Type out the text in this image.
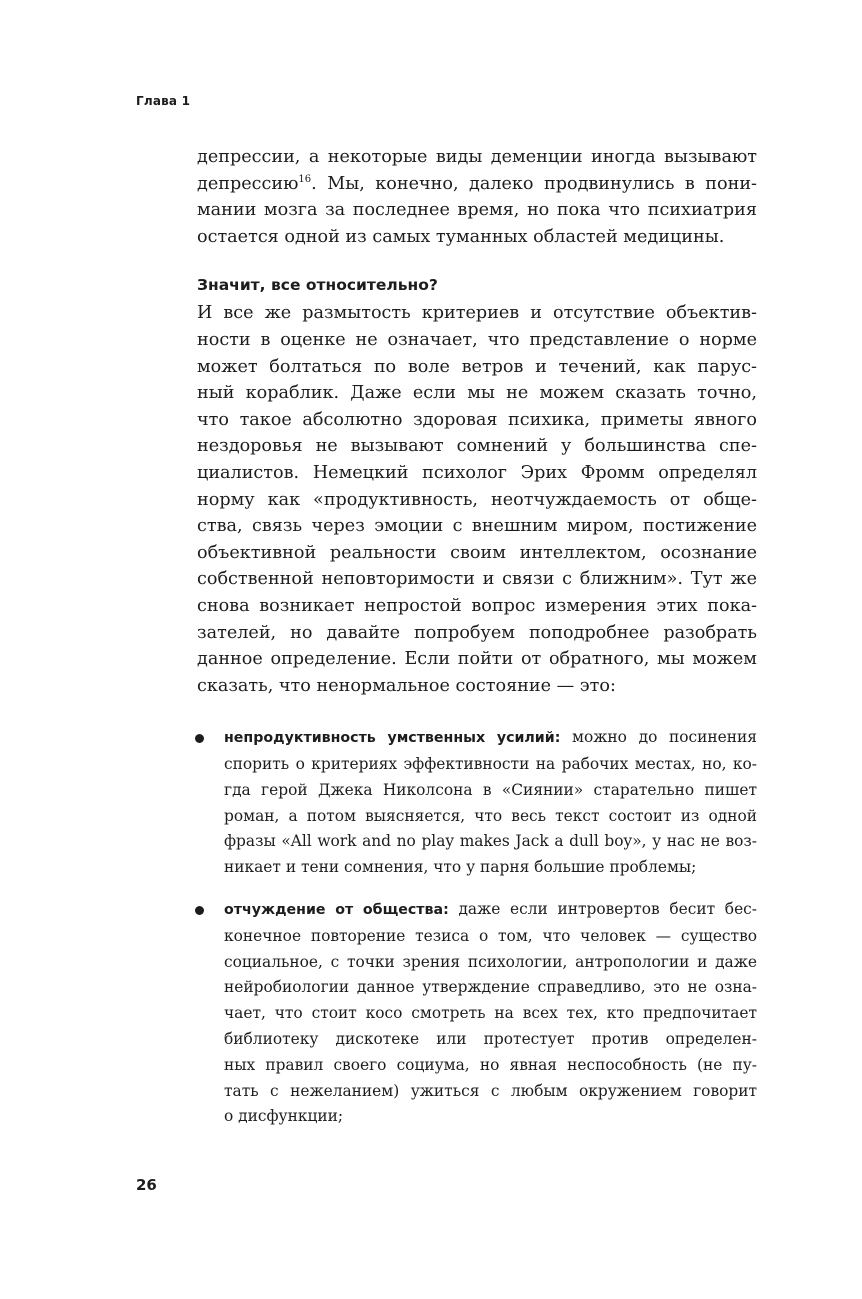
Глава 1

депрессии, а некоторые виды деменции иногда вызывают
депрессию$^{16}$. Мы, конечно, далеко продвинулись в пони-
мании мозга за последнее время, но пока что психиатрия
остается одной из самых туманных областей медицины.

Значит, все относительно?

И все же размытость критериев и отсутствие объектив-
ности в оценке не означает, что представление о норме
может болтаться по воле ветров и течений, как парус-
ный кораблик. Даже если мы не можем сказать точно,
что такое абсолютно здоровая психика, приметы явного
нездоровья не вызывают сомнений у большинства спе-
циалистов. Немецкий психолог Эрих Фромм определял
норму как «продуктивность, неотчуждаемость от обще-
ства, связь через эмоции с внешним миром, постижение
объективной реальности своим интеллектом, осознание
собственной неповторимости и связи с ближним». Тут же
снова возникает непростой вопрос измерения этих пока-
зателей, но давайте попробуем поподробнее разобрать
данное определение. Если пойти от обратного, мы можем
сказать, что ненормальное состояние — это:

непродуктивность умственных усилий: можно до посинения
спорить о критериях эффективности на рабочих местах, но, ко-
гда герой Джека Николсона в «Сиянии» старательно пишет
роман, а потом выясняется, что весь текст состоит из одной
фразы «All work and no play makes Jack a dull boy», у нас не воз-
никает и тени сомнения, что у парня большие проблемы;
отчуждение от общества: даже если интровертов бесит бес-
конечное повторение тезиса о том, что человек — существо
социальное, с точки зрения психологии, антропологии и даже
нейробиологии данное утверждение справедливо, это не озна-
чает, что стоит косо смотреть на всех тех, кто предпочитает
библиотеку дискотеке или протестует против определен-
ных правил своего социума, но явная неспособность (не пу-
тать с нежеланием) ужиться с любым окружением говорит
о дисфункции;
26
